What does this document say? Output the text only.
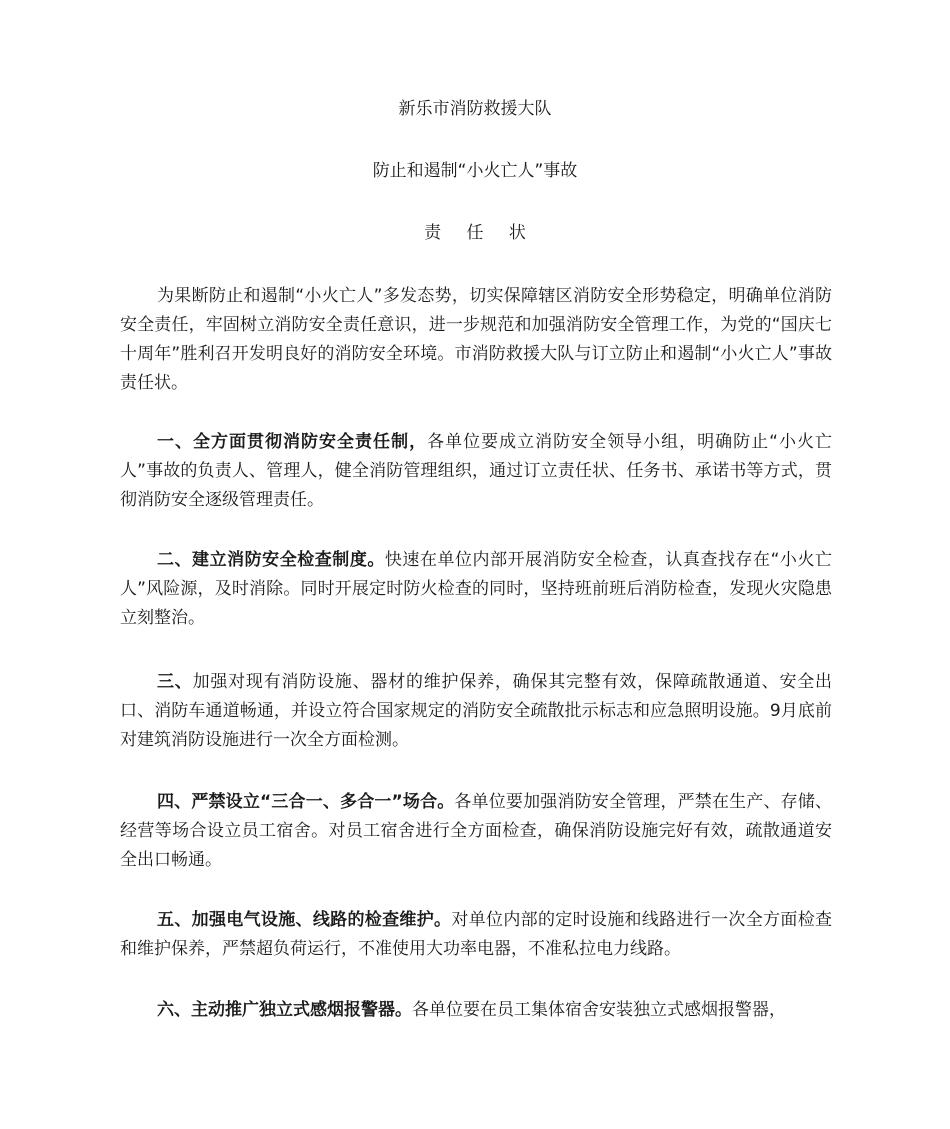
新乐市消防救援大队
防止和遏制“小火亡人”事故
责 任 状

为果断防止和遏制“小火亡人”多发态势，切实保障辖区消防安全形势稳定，明确单位消防安全责任，牢固树立消防安全责任意识，进一步规范和加强消防安全管理工作，为党的“国庆七十周年”胜利召开发明良好的消防安全环境。市消防救援大队与订立防止和遏制“小火亡人”事故责任状。

一、全方面贯彻消防安全责任制，各单位要成立消防安全领导小组，明确防止“小火亡人”事故的负责人、管理人，健全消防管理组织，通过订立责任状、任务书、承诺书等方式，贯彻消防安全逐级管理责任。

二、建立消防安全检查制度。快速在单位内部开展消防安全检查，认真查找存在“小火亡人”风险源，及时消除。同时开展定时防火检查的同时，坚持班前班后消防检查，发现火灾隐患立刻整治。

三、加强对现有消防设施、器材的维护保养，确保其完整有效，保障疏散通道、安全出口、消防车通道畅通，并设立符合国家规定的消防安全疏散批示标志和应急照明设施。9月底前对建筑消防设施进行一次全方面检测。

四、严禁设立“三合一、多合一”场合。各单位要加强消防安全管理，严禁在生产、存储、经营等场合设立员工宿舍。对员工宿舍进行全方面检查，确保消防设施完好有效，疏散通道安全出口畅通。

五、加强电气设施、线路的检查维护。对单位内部的定时设施和线路进行一次全方面检查和维护保养，严禁超负荷运行，不准使用大功率电器，不准私拉电力线路。

六、主动推广独立式感烟报警器。各单位要在员工集体宿舍安装独立式感烟报警器，
